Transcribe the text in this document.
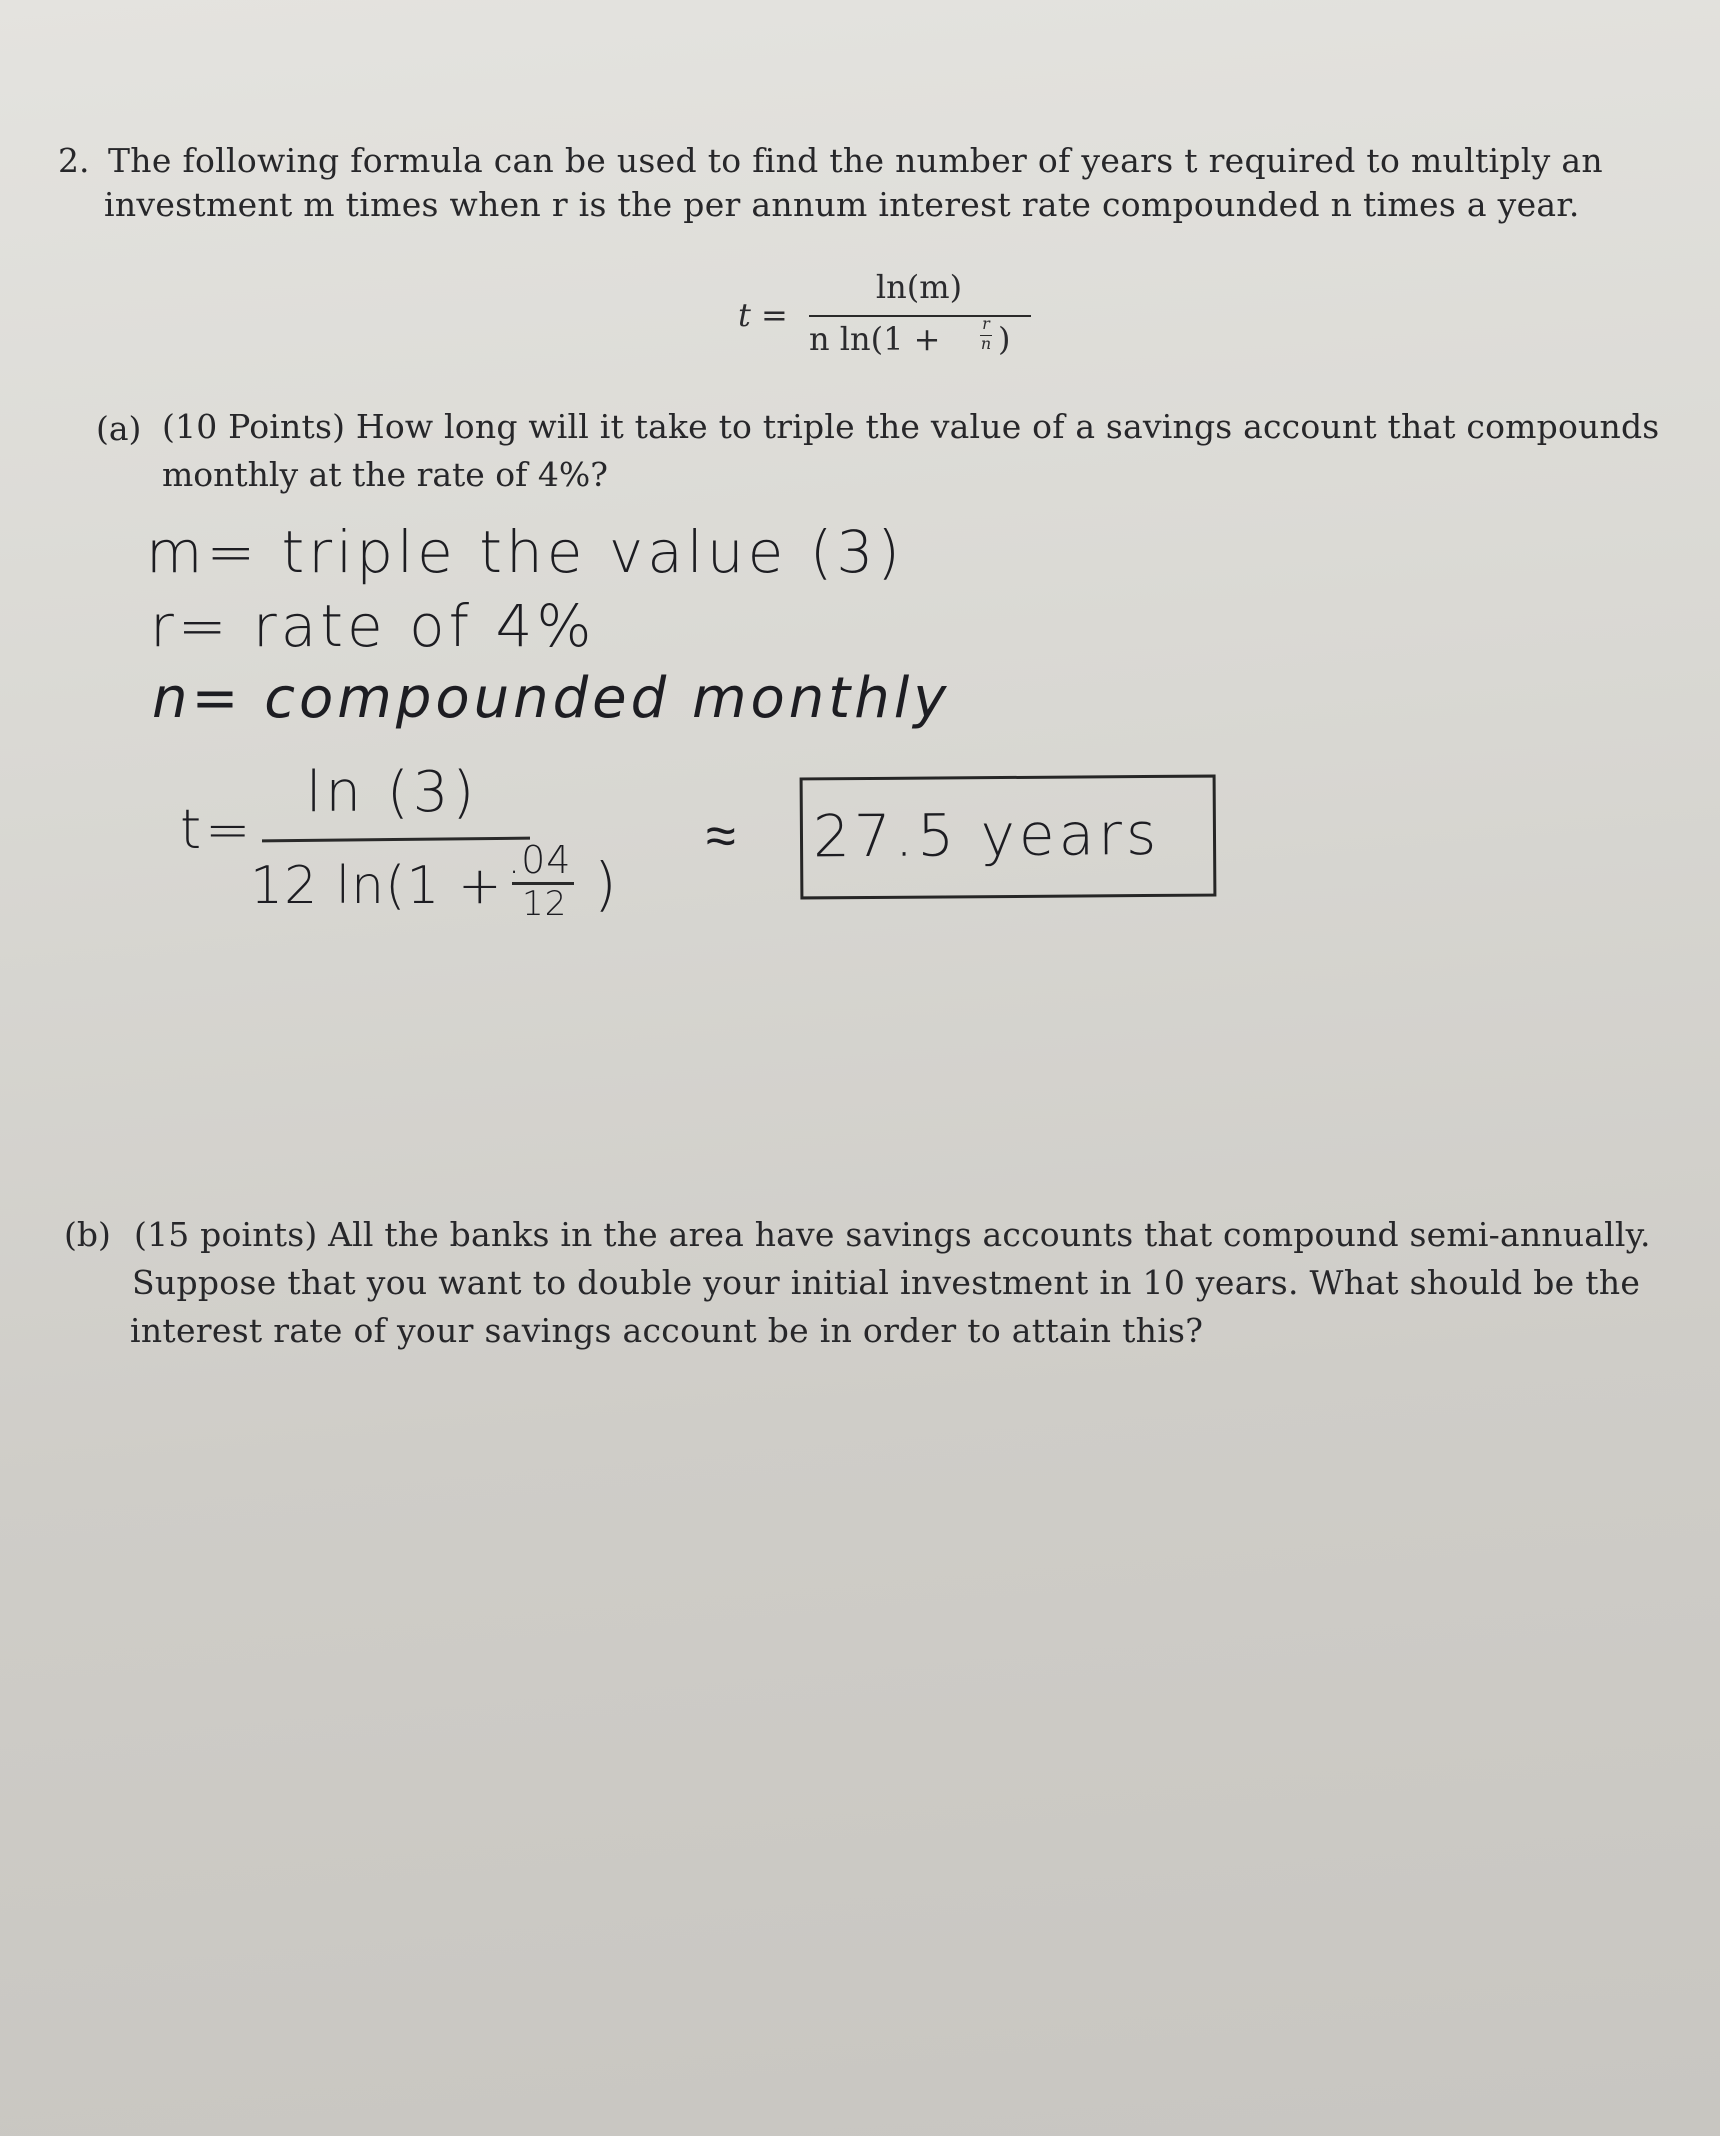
2. The following formula can be used to find the number of years t required to multiply an
investment m times when r is the per annum interest rate compounded n times a year.
t =
ln(m)
n ln(1 +	r
n )
(a) (10 Points) How long will it take to triple the value of a savings account that compounds
monthly at the rate of 4%?
m= triple the value (3)
r= rate of 4%
n= compounded monthly
t=
ln (3)
12 ln(1 + .04
12 )
≈ 27.5 years
(b) (15 points) All the banks in the area have savings accounts that compound semi-annually.
Suppose that you want to double your initial investment in 10 years. What should be the
interest rate of your savings account be in order to attain this?
